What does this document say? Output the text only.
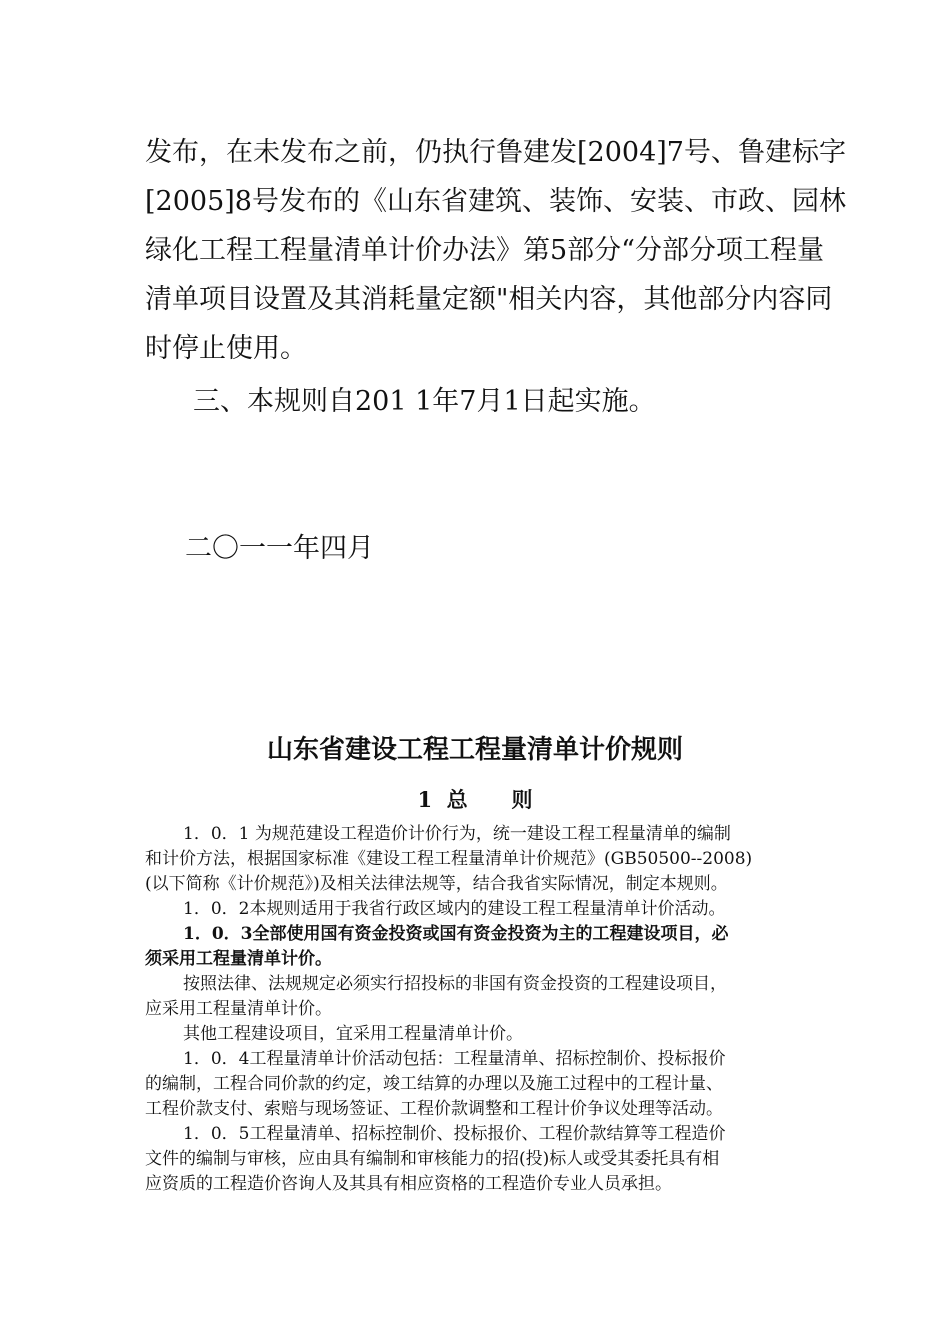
发布，在未发布之前，仍执行鲁建发[2004]7号、鲁建标字
[2005]8号发布的《山东省建筑、装饰、安装、市政、园林
绿化工程工程量清单计价办法》第5部分“分部分项工程量
清单项目设置及其消耗量定额"相关内容，其他部分内容同
时停止使用。
三、本规则自201 1年7月1日起实施。
二〇一一年四月
山东省建设工程工程量清单计价规则
1  总      则
1．0．1 为规范建设工程造价计价行为，统一建设工程工程量清单的编制
和计价方法，根据国家标准《建设工程工程量清单计价规范》(GB50500--2008)
(以下简称《计价规范》)及相关法律法规等，结合我省实际情况，制定本规则。
1．0．2本规则适用于我省行政区域内的建设工程工程量清单计价活动。
1．0．3全部使用国有资金投资或国有资金投资为主的工程建设项目，必
须采用工程量清单计价。
按照法律、法规规定必须实行招投标的非国有资金投资的工程建设项目，
应采用工程量清单计价。
其他工程建设项目，宜采用工程量清单计价。
1．0．4工程量清单计价活动包括：工程量清单、招标控制价、投标报价
的编制，工程合同价款的约定，竣工结算的办理以及施工过程中的工程计量、
工程价款支付、索赔与现场签证、工程价款调整和工程计价争议处理等活动。
1．0．5工程量清单、招标控制价、投标报价、工程价款结算等工程造价
文件的编制与审核，应由具有编制和审核能力的招(投)标人或受其委托具有相
应资质的工程造价咨询人及其具有相应资格的工程造价专业人员承担。
